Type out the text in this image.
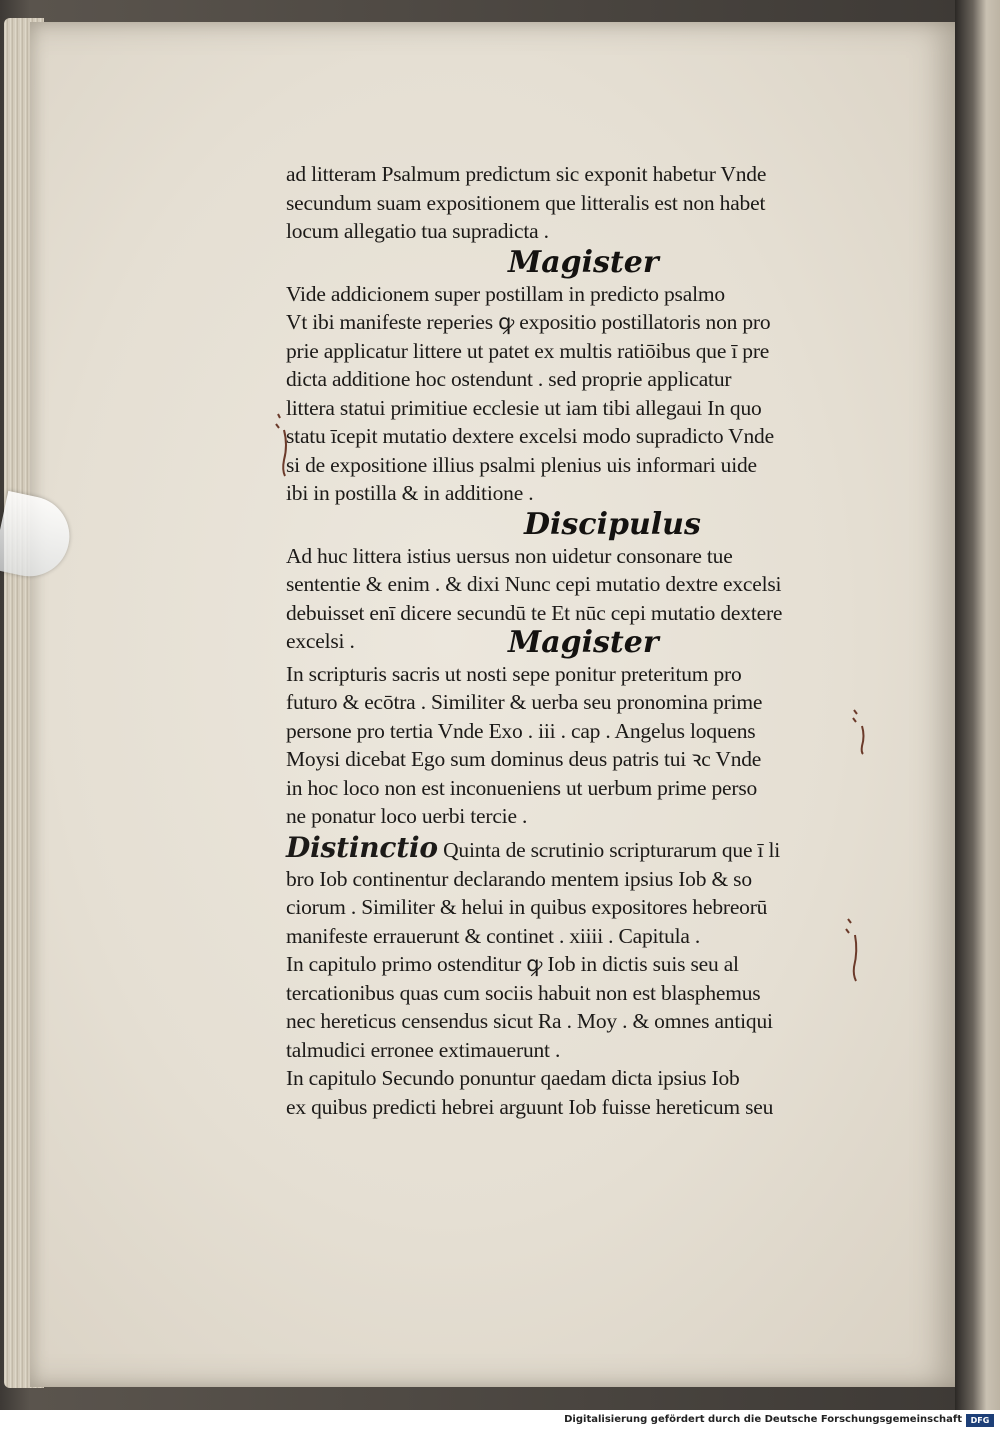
ad litteram Psalmum predictum sic exponit habetur Vnde
secundum suam expositionem que litteralis est non habet
locum allegatio tua supradicta .
Magister
Vide addicionem super postillam in predicto psalmo
Vt ibi manifeste reperies ꝙ expositio postillatoris non pro
prie applicatur littere ut patet ex multis ratiōibus que ī pre
dicta additione hoc ostendunt . sed proprie applicatur
littera statui primitiue ecclesie ut iam tibi allegaui In quo
statu īcepit mutatio dextere excelsi modo supradicto Vnde
si de expositione illius psalmi plenius uis informari uide
ibi in postilla & in additione .
Discipulus
Ad huc littera istius uersus non uidetur consonare tue
sententie & enim . & dixi Nunc cepi mutatio dextre excelsi
debuisset enī dicere secundū te Et nūc cepi mutatio dextere
excelsi .	Magister
In scripturis sacris ut nosti sepe ponitur preteritum pro
futuro & ecōtra . Similiter & uerba seu pronomina prime
persone pro tertia Vnde Exo . iii . cap . Angelus loquens
Moysi dicebat Ego sum dominus deus patris tui ꝛc Vnde
in hoc loco non est inconueniens ut uerbum prime perso
ne ponatur loco uerbi tercie .
Distinctio Quinta de scrutinio scripturarum que ī li
bro Iob continentur declarando mentem ipsius Iob & so
ciorum . Similiter & helui in quibus expositores hebreorū
manifeste errauerunt & continet . xiiii . Capitula .
In capitulo primo ostenditur ꝙ Iob in dictis suis seu al
tercationibus quas cum sociis habuit non est blasphemus
nec hereticus censendus sicut Ra . Moy . & omnes antiqui
talmudici erronee extimauerunt .
In capitulo Secundo ponuntur qaedam dicta ipsius Iob
ex quibus predicti hebrei arguunt Iob fuisse hereticum seu
Digitalisierung gefördert durch die Deutsche Forschungsgemeinschaft	DFG
